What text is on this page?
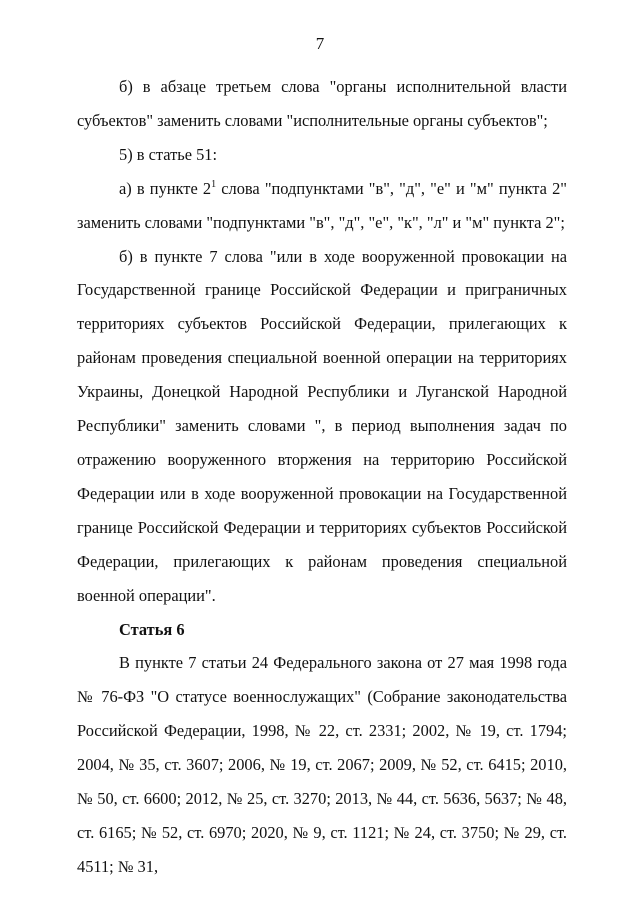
7

б) в абзаце третьем слова "органы исполнительной власти субъектов" заменить словами "исполнительные органы субъектов";

5) в статье 51:

а) в пункте $2^1$ слова "подпунктами "в", "д", "е" и "м" пункта 2" заменить словами "подпунктами "в", "д", "е", "к", "л" и "м" пункта 2";

б) в пункте 7 слова "или в ходе вооруженной провокации на Государственной границе Российской Федерации и приграничных территориях субъектов Российской Федерации, прилегающих к районам проведения специальной военной операции на территориях Украины, Донецкой Народной Республики и Луганской Народной Республики" заменить словами ", в период выполнения задач по отражению вооруженного вторжения на территорию Российской Федерации или в ходе вооруженной провокации на Государственной границе Российской Федерации и территориях субъектов Российской Федерации, прилегающих к районам проведения специальной военной операции".

Статья 6

В пункте 7 статьи 24 Федерального закона от 27 мая 1998 года № 76-ФЗ "О статусе военнослужащих" (Собрание законодательства Российской Федерации, 1998, № 22, ст. 2331; 2002, № 19, ст. 1794; 2004, № 35, ст. 3607; 2006, № 19, ст. 2067; 2009, № 52, ст. 6415; 2010, № 50, ст. 6600; 2012, № 25, ст. 3270; 2013, № 44, ст. 5636, 5637; № 48, ст. 6165; № 52, ст. 6970; 2020, № 9, ст. 1121; № 24, ст. 3750; № 29, ст. 4511; № 31,
